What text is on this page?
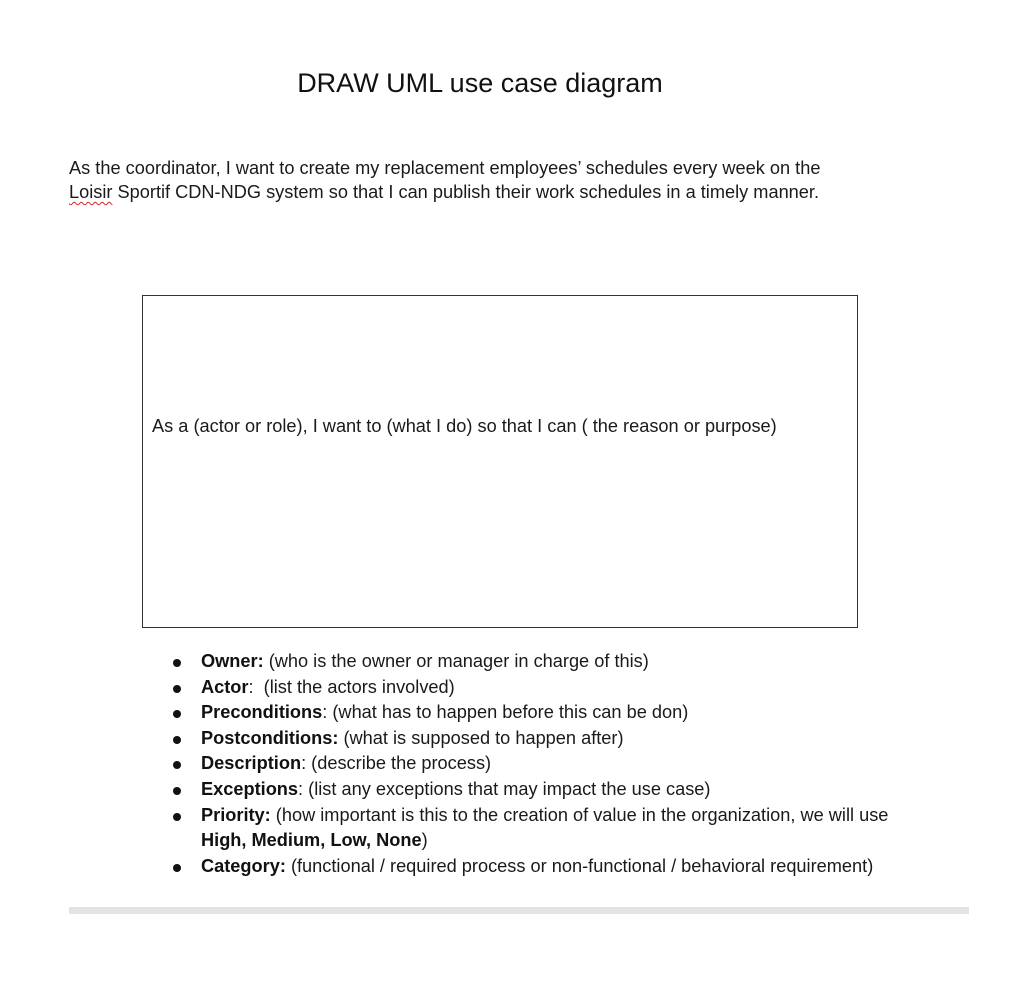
DRAW UML use case diagram
As the coordinator, I want to create my replacement employees’ schedules every week on the
Loisir Sportif CDN-NDG system so that I can publish their work schedules in a timely manner.
As a (actor or role), I want to (what I do) so that I can ( the reason or purpose)
Owner: (who is the owner or manager in charge of this)
Actor:  (list the actors involved)
Preconditions: (what has to happen before this can be don)
Postconditions: (what is supposed to happen after)
Description: (describe the process)
Exceptions: (list any exceptions that may impact the use case)
Priority: (how important is this to the creation of value in the organization, we will use High, Medium, Low, None)
Category: (functional / required process or non-functional / behavioral requirement)
